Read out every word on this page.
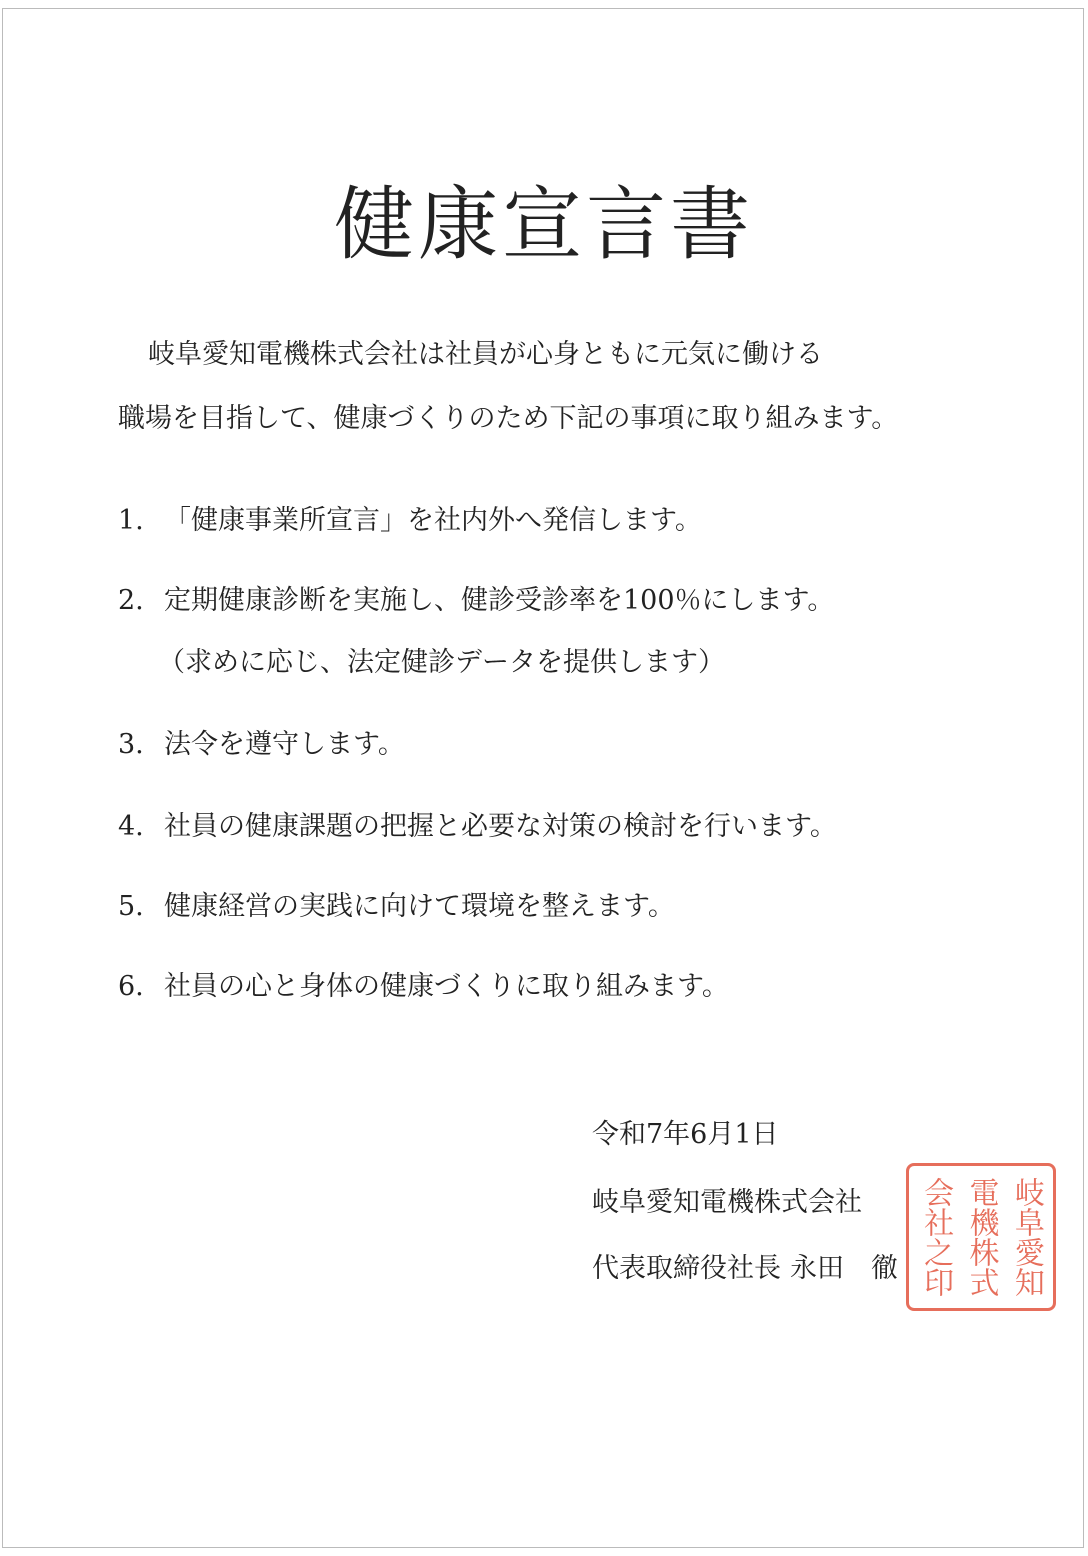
健康宣言書
岐阜愛知電機株式会社は社員が心身ともに元気に働ける
職場を目指して、健康づくりのため下記の事項に取り組みます。
1. 「健康事業所宣言」を社内外へ発信します。
2. 定期健康診断を実施し、健診受診率を100％にします。
（求めに応じ、法定健診データを提供します）
3. 法令を遵守します。
4. 社員の健康課題の把握と必要な対策の検討を行います。
5. 健康経営の実践に向けて環境を整えます。
6. 社員の心と身体の健康づくりに取り組みます。
令和7年6月1日
岐阜愛知電機株式会社
代表取締役社長 永田　徹	岐阜愛知
電機株式
会社之印
